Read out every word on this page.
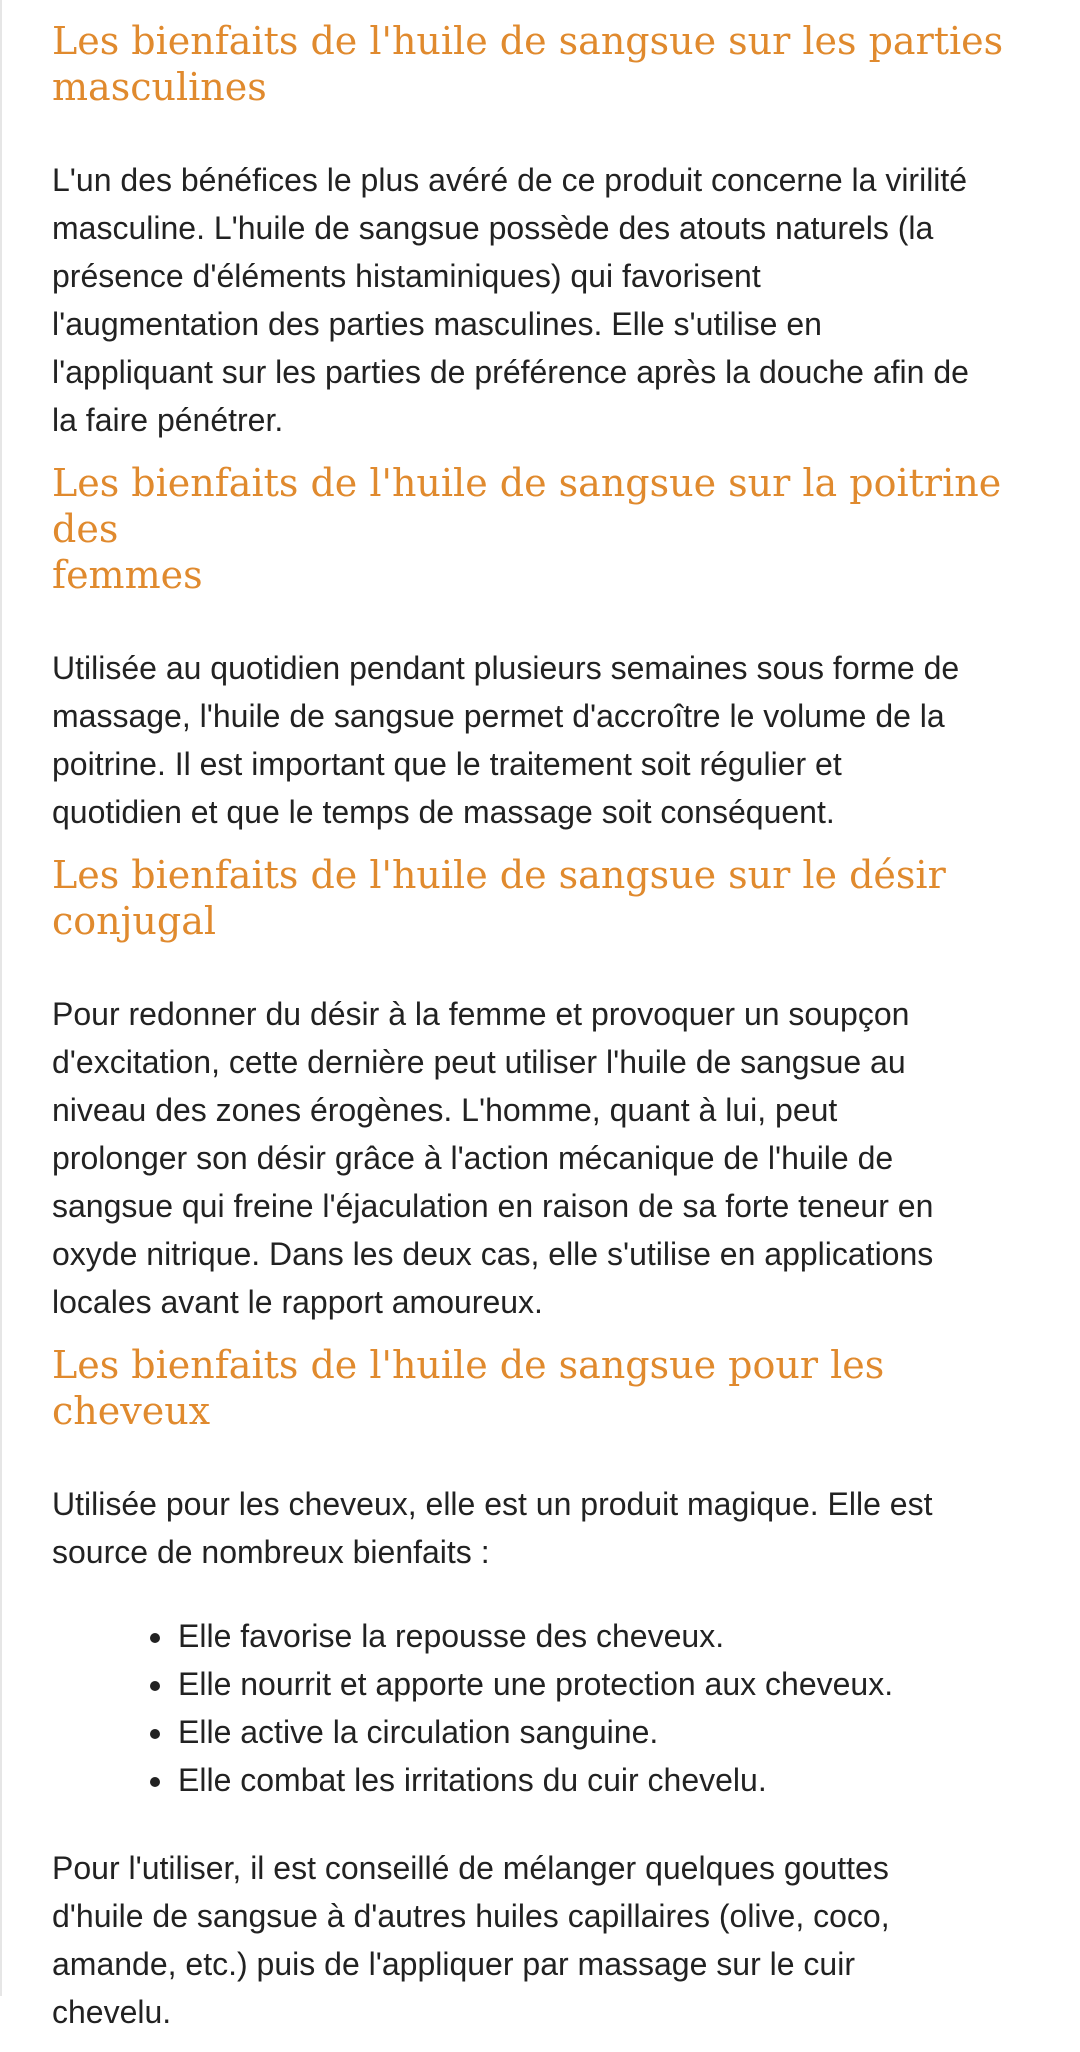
Les bienfaits de l'huile de sangsue sur les parties
masculines

L'un des bénéfices le plus avéré de ce produit concerne la virilité
masculine. L'huile de sangsue possède des atouts naturels (la
présence d'éléments histaminiques) qui favorisent
l'augmentation des parties masculines. Elle s'utilise en
l'appliquant sur les parties de préférence après la douche afin de
la faire pénétrer.

Les bienfaits de l'huile de sangsue sur la poitrine des
femmes

Utilisée au quotidien pendant plusieurs semaines sous forme de
massage, l'huile de sangsue permet d'accroître le volume de la
poitrine. Il est important que le traitement soit régulier et
quotidien et que le temps de massage soit conséquent.

Les bienfaits de l'huile de sangsue sur le désir conjugal

Pour redonner du désir à la femme et provoquer un soupçon
d'excitation, cette dernière peut utiliser l'huile de sangsue au
niveau des zones érogènes. L'homme, quant à lui, peut
prolonger son désir grâce à l'action mécanique de l'huile de
sangsue qui freine l'éjaculation en raison de sa forte teneur en
oxyde nitrique. Dans les deux cas, elle s'utilise en applications
locales avant le rapport amoureux.

Les bienfaits de l'huile de sangsue pour les cheveux

Utilisée pour les cheveux, elle est un produit magique. Elle est
source de nombreux bienfaits :

• Elle favorise la repousse des cheveux.
• Elle nourrit et apporte une protection aux cheveux.
• Elle active la circulation sanguine.
• Elle combat les irritations du cuir chevelu.

Pour l'utiliser, il est conseillé de mélanger quelques gouttes
d'huile de sangsue à d'autres huiles capillaires (olive, coco,
amande, etc.) puis de l'appliquer par massage sur le cuir
chevelu.
